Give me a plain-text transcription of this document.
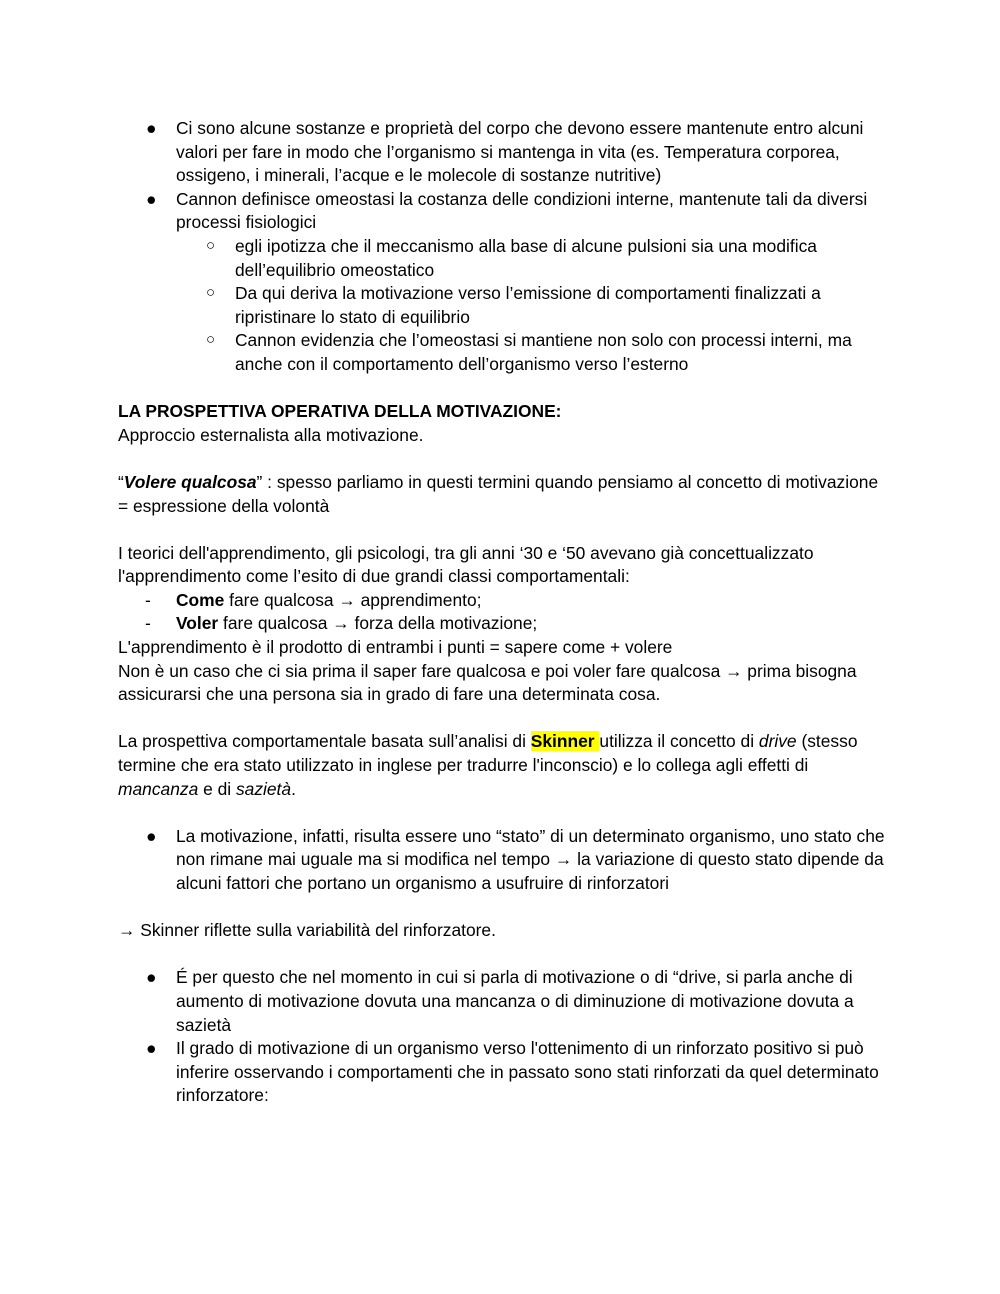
● Ci sono alcune sostanze e proprietà del corpo che devono essere mantenute entro alcuni valori per fare in modo che l’organismo si mantenga in vita (es. Temperatura corporea, ossigeno, i minerali, l’acque e le molecole di sostanze nutritive)
● Cannon definisce omeostasi la costanza delle condizioni interne, mantenute tali da diversi processi fisiologici
○ egli ipotizza che il meccanismo alla base di alcune pulsioni sia una modifica dell’equilibrio omeostatico
○ Da qui deriva la motivazione verso l’emissione di comportamenti finalizzati a ripristinare lo stato di equilibrio
○ Cannon evidenzia che l’omeostasi si mantiene non solo con processi interni, ma anche con il comportamento dell’organismo verso l’esterno

LA PROSPETTIVA OPERATIVA DELLA MOTIVAZIONE:

Approccio esternalista alla motivazione.

“Volere qualcosa” : spesso parliamo in questi termini quando pensiamo al concetto di motivazione = espressione della volontà

I teorici dell'apprendimento, gli psicologi, tra gli anni ‘30 e ‘50 avevano già concettualizzato l'apprendimento come l’esito di due grandi classi comportamentali:

- Come fare qualcosa → apprendimento;
- Voler fare qualcosa → forza della motivazione;

L'apprendimento è il prodotto di entrambi i punti = sapere come + volere

Non è un caso che ci sia prima il saper fare qualcosa e poi voler fare qualcosa → prima bisogna assicurarsi che una persona sia in grado di fare una determinata cosa.

La prospettiva comportamentale basata sull’analisi di Skinner utilizza il concetto di drive (stesso termine che era stato utilizzato in inglese per tradurre l'inconscio) e lo collega agli effetti di mancanza e di sazietà.

● La motivazione, infatti, risulta essere uno “stato” di un determinato organismo, uno stato che non rimane mai uguale ma si modifica nel tempo → la variazione di questo stato dipende da alcuni fattori che portano un organismo a usufruire di rinforzatori

→ Skinner riflette sulla variabilità del rinforzatore.

● É per questo che nel momento in cui si parla di motivazione o di “drive, si parla anche di aumento di motivazione dovuta una mancanza o di diminuzione di motivazione dovuta a sazietà
● Il grado di motivazione di un organismo verso l'ottenimento di un rinforzato positivo si può inferire osservando i comportamenti che in passato sono stati rinforzati da quel determinato rinforzatore:
